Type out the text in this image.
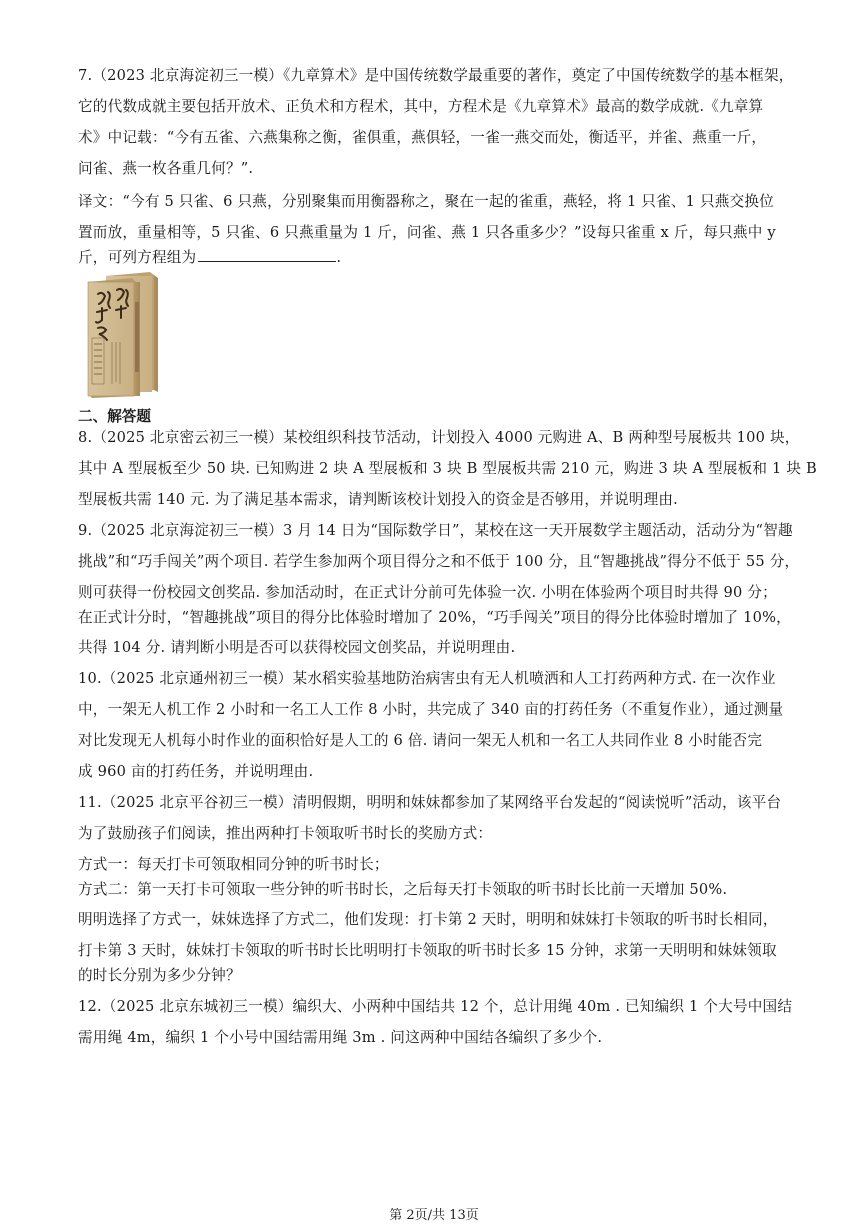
7.（2023 北京海淀初三一模）《九章算术》是中国传统数学最重要的著作，奠定了中国传统数学的基本框架，
它的代数成就主要包括开放术、正负术和方程术，其中，方程术是《九章算术》最高的数学成就.《九章算
术》中记载：“今有五雀、六燕集称之衡，雀俱重，燕俱轻，一雀一燕交而处，衡适平，并雀、燕重一斤，
问雀、燕一枚各重几何？”.
译文：“今有 5 只雀、6 只燕，分别聚集而用衡器称之，聚在一起的雀重，燕轻，将 1 只雀、1 只燕交换位
置而放，重量相等，5 只雀、6 只燕重量为 1 斤，问雀、燕 1 只各重多少？”设每只雀重 x 斤，每只燕中 y
斤，可列方程组为	.
二、解答题
8.（2025 北京密云初三一模）某校组织科技节活动，计划投入 4000 元购进 A、B 两种型号展板共 100 块，
其中 A 型展板至少 50 块. 已知购进 2 块 A 型展板和 3 块 B 型展板共需 210 元，购进 3 块 A 型展板和 1 块 B
型展板共需 140 元. 为了满足基本需求，请判断该校计划投入的资金是否够用，并说明理由.
9.（2025 北京海淀初三一模）3 月 14 日为“国际数学日”，某校在这一天开展数学主题活动，活动分为“智趣
挑战”和“巧手闯关”两个项目. 若学生参加两个项目得分之和不低于 100 分，且“智趣挑战”得分不低于 55 分，
则可获得一份校园文创奖品. 参加活动时，在正式计分前可先体验一次. 小明在体验两个项目时共得 90 分；
在正式计分时，“智趣挑战”项目的得分比体验时增加了 20%，“巧手闯关”项目的得分比体验时增加了 10%，
共得 104 分. 请判断小明是否可以获得校园文创奖品，并说明理由.
10.（2025 北京通州初三一模）某水稻实验基地防治病害虫有无人机喷洒和人工打药两种方式. 在一次作业
中，一架无人机工作 2 小时和一名工人工作 8 小时，共完成了 340 亩的打药任务（不重复作业），通过测量
对比发现无人机每小时作业的面积恰好是人工的 6 倍. 请问一架无人机和一名工人共同作业 8 小时能否完
成 960 亩的打药任务，并说明理由.
11.（2025 北京平谷初三一模）清明假期，明明和妹妹都参加了某网络平台发起的“阅读悦听”活动，该平台
为了鼓励孩子们阅读，推出两种打卡领取听书时长的奖励方式：
方式一：每天打卡可领取相同分钟的听书时长；
方式二：第一天打卡可领取一些分钟的听书时长，之后每天打卡领取的听书时长比前一天增加 50%.
明明选择了方式一，妹妹选择了方式二，他们发现：打卡第 2 天时，明明和妹妹打卡领取的听书时长相同，
打卡第 3 天时，妹妹打卡领取的听书时长比明明打卡领取的听书时长多 15 分钟，求第一天明明和妹妹领取
的时长分别为多少分钟？
12.（2025 北京东城初三一模）编织大、小两种中国结共 12 个，总计用绳 40m . 已知编织 1 个大号中国结
需用绳 4m，编织 1 个小号中国结需用绳 3m . 问这两种中国结各编织了多少个.
第 2页/共 13页
